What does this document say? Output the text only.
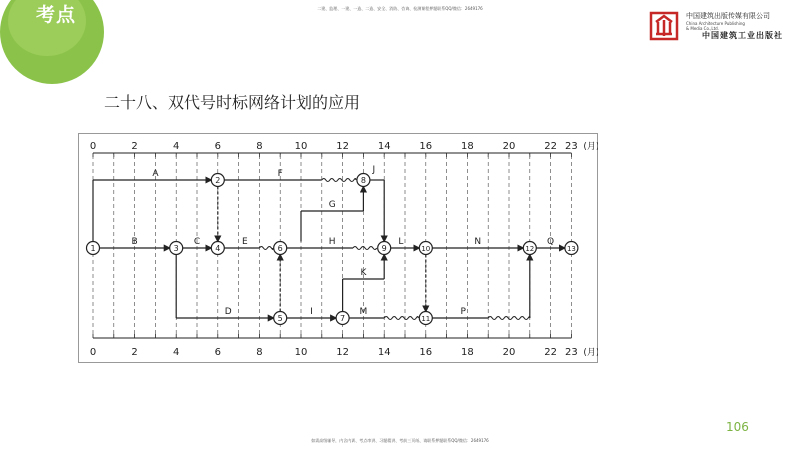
考点	二建、监理、一建、一造、二造、安全、消防、咨询、检测课程押题联系QQ/微信：2649176
中国建筑出版传媒有限公司
China Architecture Publishing & Media Co.,Ltd.
中国建筑工业出版社
二十八、双代号时标网络计划的应用
0
0
2
2
4
4
6
6
8
8
10
10
12
12
14
14
16
16
18
18
20
20
22
22
23
23
(月)
(月)
A	F	J
B	C	E
G
H	L	N	Q
D	I
K
M	P
1
2
3	4
5
6
7
8
9	10
11
12	13
106
如需高级辅导，内含内训、考点串讲、习题精讲、考前三页纸、请联系押题联系QQ/微信：2649176
